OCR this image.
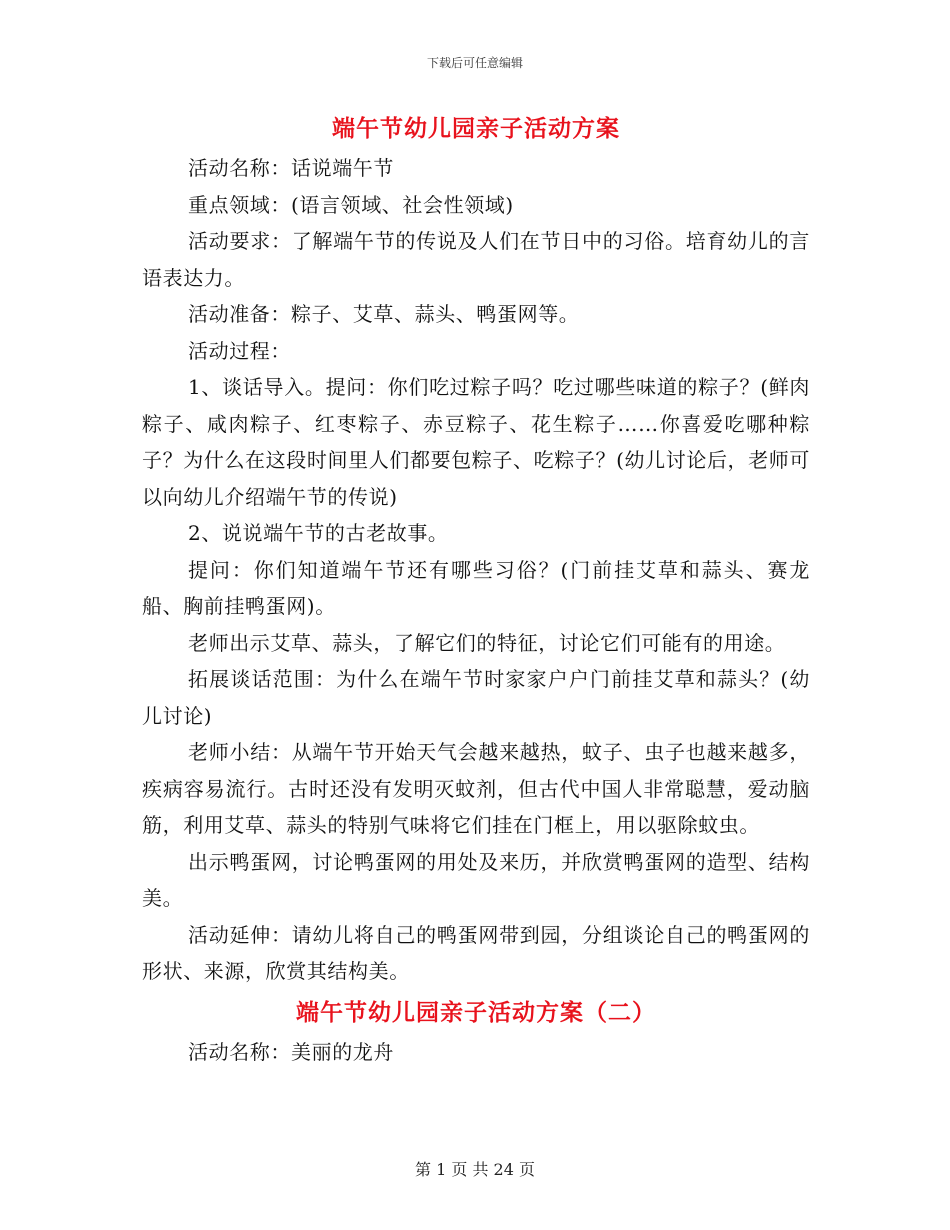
下载后可任意编辑
端午节幼儿园亲子活动方案

活动名称：话说端午节

重点领域：(语言领域、社会性领域)

活动要求：了解端午节的传说及人们在节日中的习俗。培育幼儿的言语表达力。

活动准备：粽子、艾草、蒜头、鸭蛋网等。

活动过程：

1、谈话导入。提问：你们吃过粽子吗？吃过哪些味道的粽子？(鲜肉粽子、咸肉粽子、红枣粽子、赤豆粽子、花生粽子……你喜爱吃哪种粽子？为什么在这段时间里人们都要包粽子、吃粽子？(幼儿讨论后，老师可以向幼儿介绍端午节的传说)

2、说说端午节的古老故事。

提问：你们知道端午节还有哪些习俗？(门前挂艾草和蒜头、赛龙船、胸前挂鸭蛋网)。

老师出示艾草、蒜头，了解它们的特征，讨论它们可能有的用途。

拓展谈话范围：为什么在端午节时家家户户门前挂艾草和蒜头？(幼儿讨论)

老师小结：从端午节开始天气会越来越热，蚊子、虫子也越来越多，疾病容易流行。古时还没有发明灭蚊剂，但古代中国人非常聪慧，爱动脑筋，利用艾草、蒜头的特别气味将它们挂在门框上，用以驱除蚊虫。

出示鸭蛋网，讨论鸭蛋网的用处及来历，并欣赏鸭蛋网的造型、结构美。

活动延伸：请幼儿将自己的鸭蛋网带到园，分组谈论自己的鸭蛋网的形状、来源，欣赏其结构美。

端午节幼儿园亲子活动方案（二）

活动名称：美丽的龙舟

第 1 页 共 24 页
